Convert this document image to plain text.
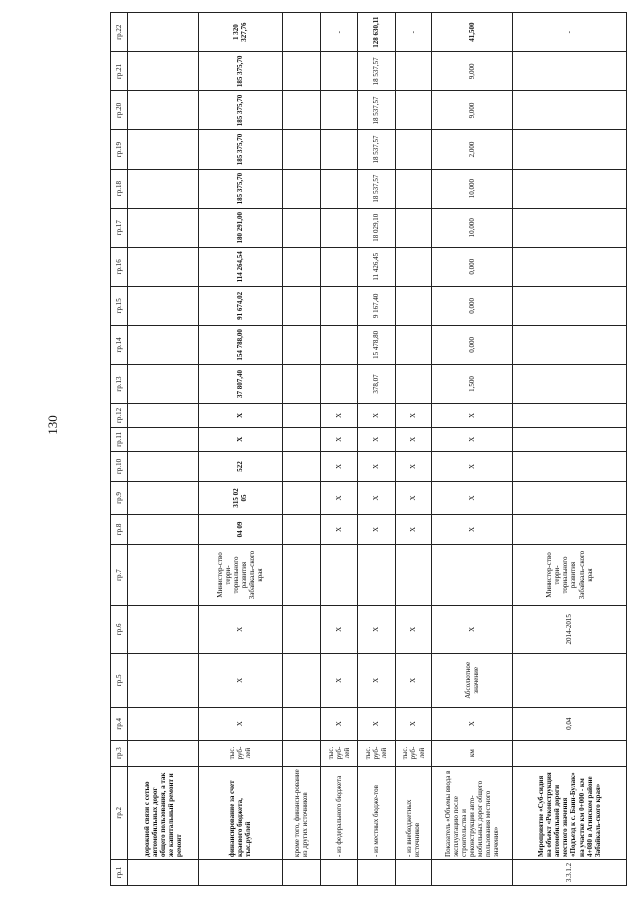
130
гр.1	гр.2	гр.3	гр.4	гр.5	гр.6	гр.7	гр.8	гр.9	гр.10	гр.11	гр.12	гр.13	гр.14	гр.15	гр.16	гр.17	гр.18	гр.19	гр.20	гр.21	гр.22
	дорожной связи с сетью автомобильных дорог общего пользования, а так же капитальный ремонт и ремонт																				
	финансирование за счет краевого бюджета, тыс.рублей	тыс. руб-лей	Х	Х	Х	Министер-ство терри-ториального развития Забайкаль-ского края	04 09	315 02 05	522	Х	Х	37 807,40	154 788,00	91 674,02	114 264,54	180 291,00	185 375,70	185 375,70	185 375,70	185 375,70	1 320 327,76
	кроме того, финанси-рование из других источников																				
	- из федерального бюджета	тыс. руб-лей	Х	Х	Х		Х	Х	Х	Х	Х										-
	- из местных бюдже-тов	тыс. руб-лей	Х	Х	Х		Х	Х	Х	Х	Х	378,07	15 478,80	9 167,40	11 426,45	18 029,10	18 537,57	18 537,57	18 537,57	18 537,57	128 630,11
	- из внебюджетных источников	тыс. руб-лей	Х	Х	Х		Х	Х	Х	Х	Х										-
	Показатель «Объемы ввода в эксплуатацию после строительства и реконструкции авто-мобильных дорог общего пользования местного значения»	км	Х	Абсолютное значение	Х		Х	Х	Х	Х	Х	1,500	0,000	0,000	0,000	10,000	10,000	2,000	9,000	9,000	41,500
3.3.1.2	Мероприятие «Суб-сидия на объект «Реконструкция автомобильной дороги местного значения «Подъезд к с. Баин-Булак» на участке км 0+000 - км 4+080 в Агинском районе Забайкаль-ского края»		0,04		2014-2015	Министер-ство терри-ториального развития Забайкаль-ского края															-
